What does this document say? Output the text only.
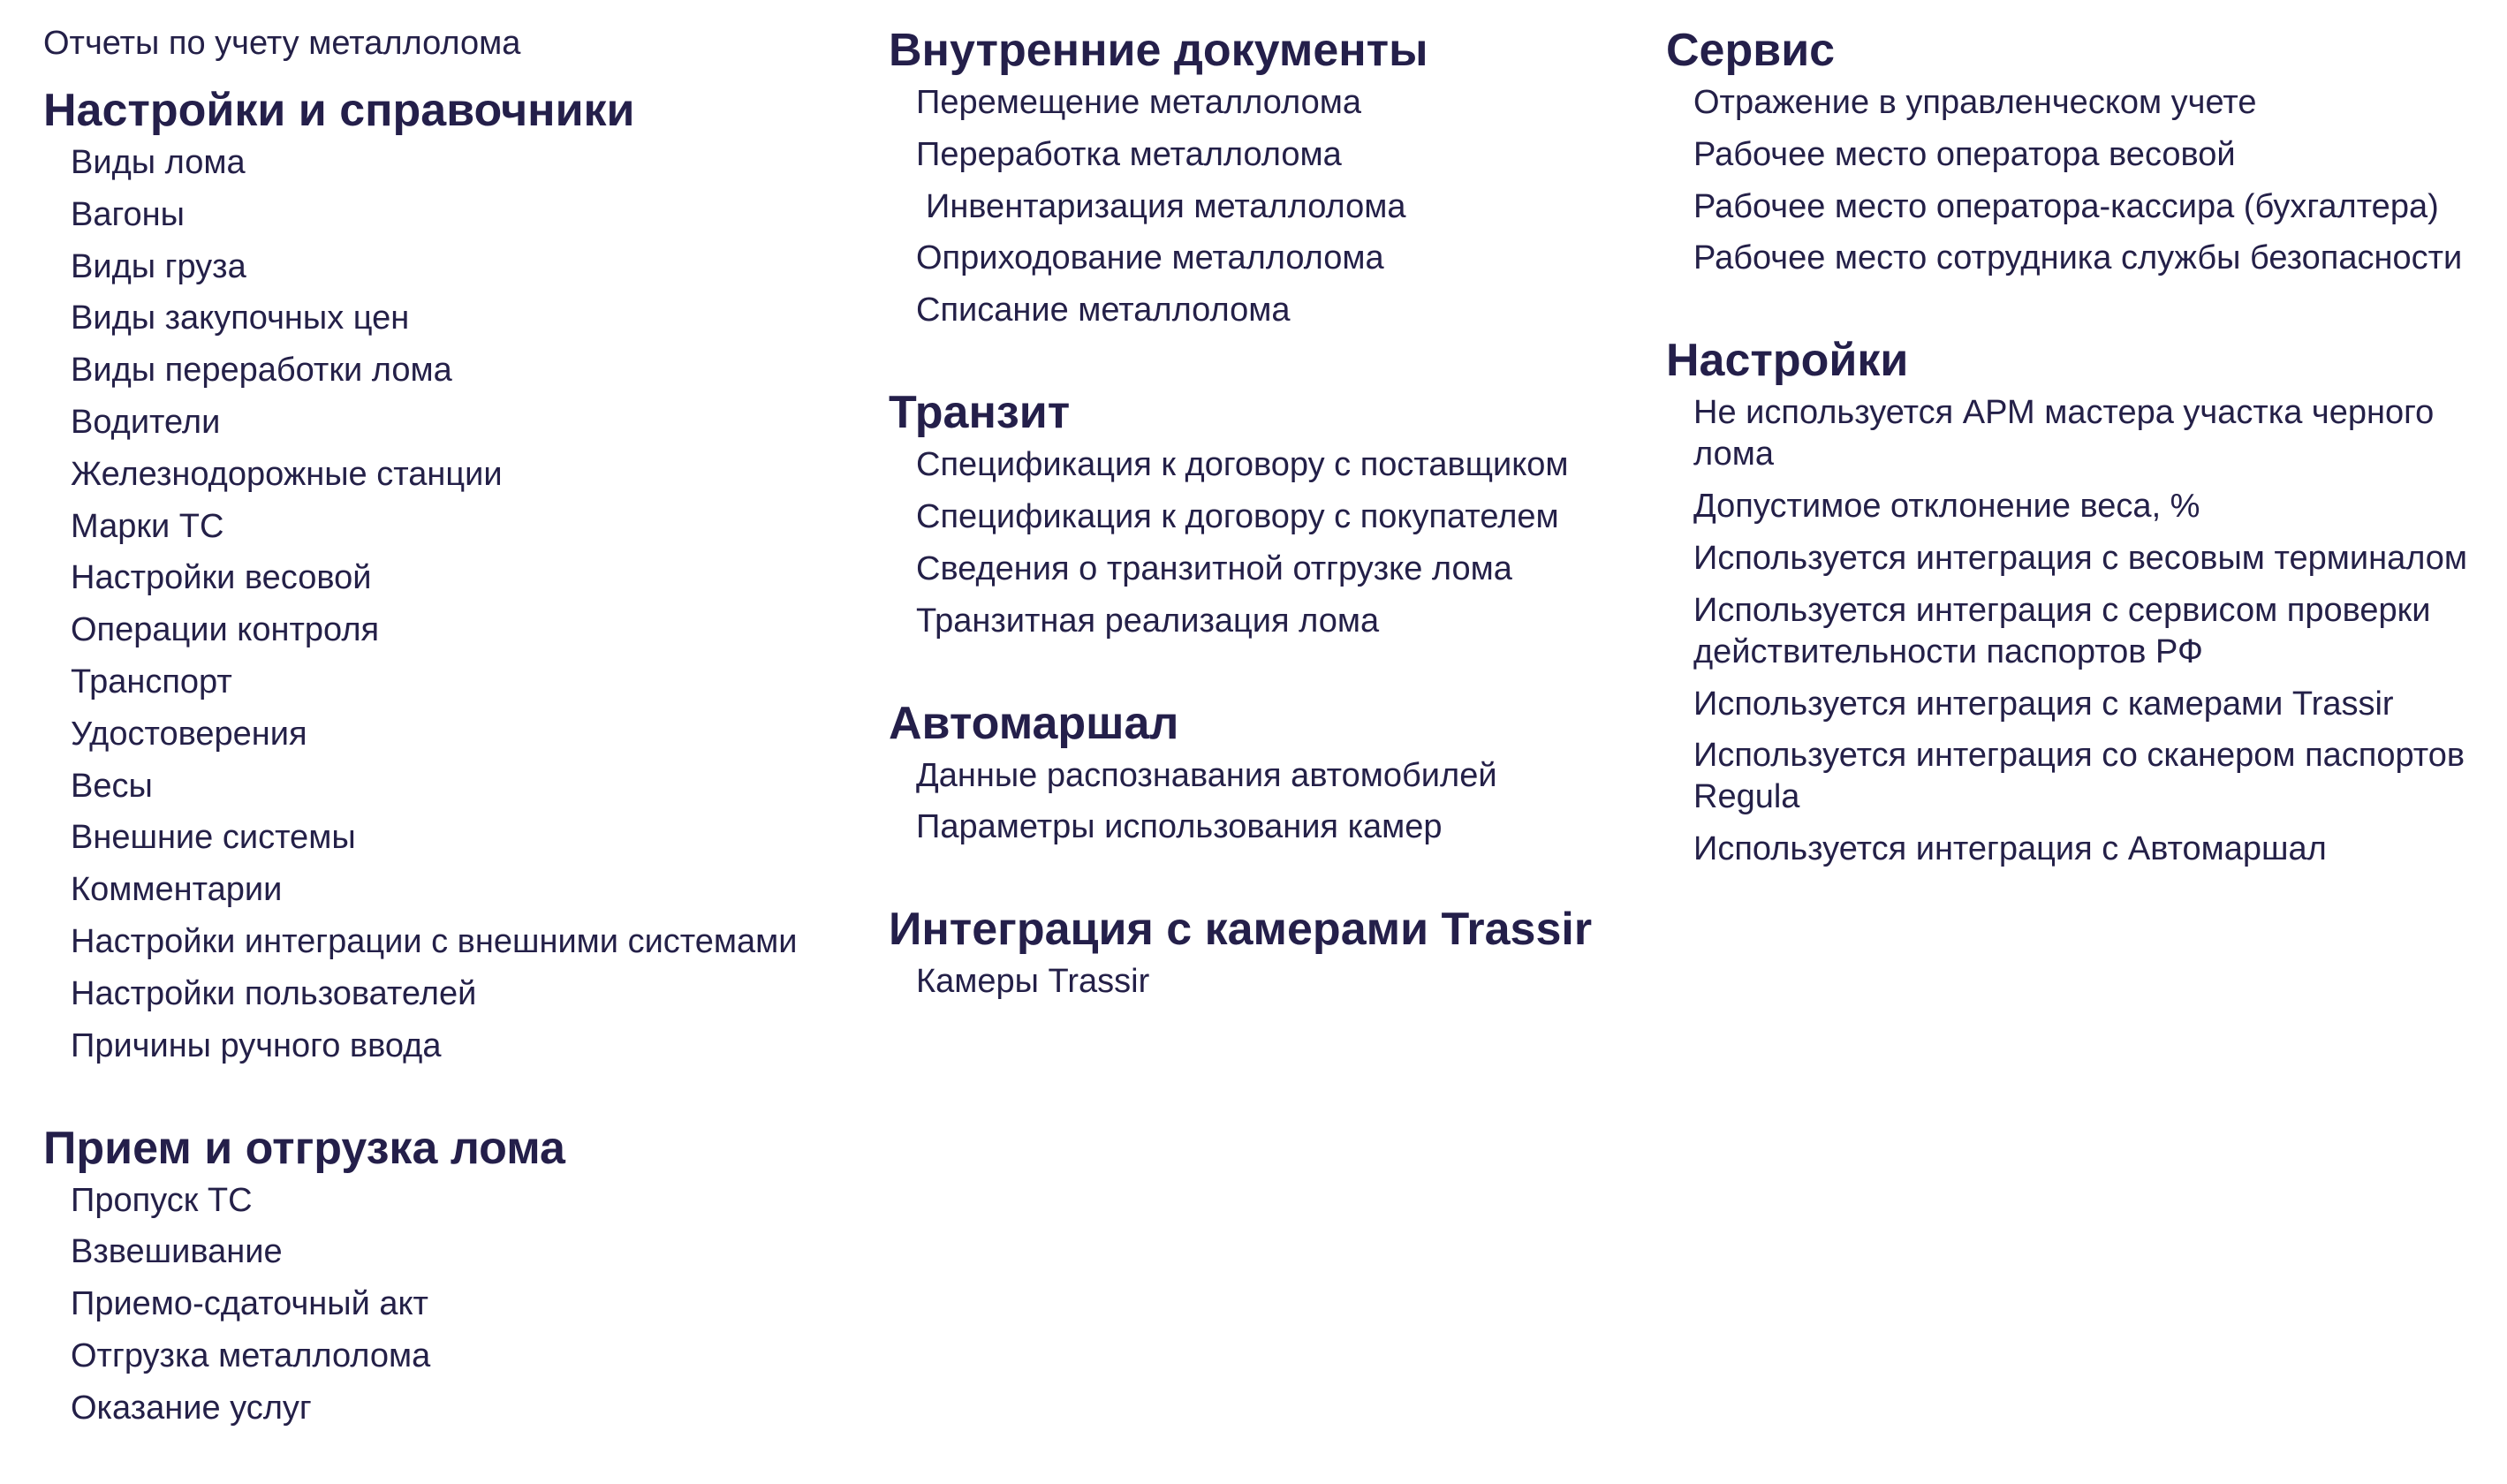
Отчеты по учету металлолома
Настройки и справочники
Виды лома
Вагоны
Виды груза
Виды закупочных цен
Виды переработки лома
Водители
Железнодорожные станции
Марки ТС
Настройки весовой
Операции контроля
Транспорт
Удостоверения
Весы
Внешние системы
Комментарии
Настройки интеграции с внешними системами
Настройки пользователей
Причины ручного ввода
Прием и отгрузка лома
Пропуск ТС
Взвешивание
Приемо-сдаточный акт
Отгрузка металлолома
Оказание услуг
Внутренние документы
Перемещение металлолома
Переработка металлолома
Инвентаризация металлолома
Оприходование металлолома
Списание металлолома
Транзит
Спецификация к договору с поставщиком
Спецификация к договору с покупателем
Сведения о транзитной отгрузке лома
Транзитная реализация лома
Автомаршал
Данные распознавания автомобилей
Параметры использования камер
Интеграция с камерами Trassir
Камеры Trassir
Сервис
Отражение в управленческом учете
Рабочее место оператора весовой
Рабочее место оператора-кассира (бухгалтера)
Рабочее место сотрудника службы безопасности
Настройки
Не используется АРМ мастера участка черного лома
Допустимое отклонение веса, %
Используется интеграция с весовым терминалом
Используется интеграция с сервисом проверки действительности паспортов РФ
Используется интеграция с камерами Trassir
Используется интеграция со сканером паспортов Regula
Используется интеграция с Автомаршал
